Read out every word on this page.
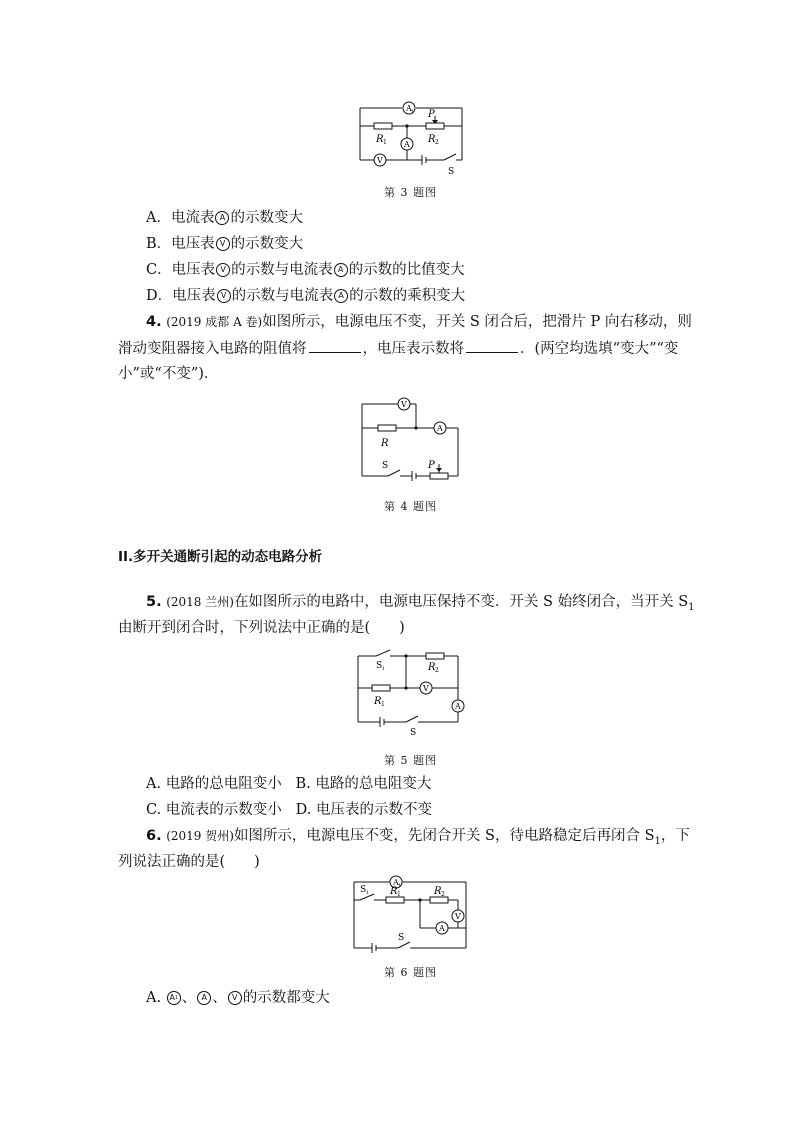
A 1 P
R 1 A R 2
V
S
第 3 题图
A．电流表 A 的示数变大
B．电压表 V 的示数变大
C．电压表 V 的示数与电流表 A 的示数的比值变大
D．电压表 V 的示数与电流表 A 的示数的乘积变大
4. (2019 成都 A 卷)如图所示，电源电压不变，开关 S 闭合后，把滑片 P 向右移动，则
滑动变阻器接入电路的阻值将	，电压表示数将	．(两空均选填“变大”“变
小”或“不变”)．
V
R
A
S	P
第 4 题图
II.多开关通断引起的动态电路分析
5. (2018 兰州)在如图所示的电路中，电源电压保持不变．开关 S 始终闭合，当开关 $S_1$
由断开到闭合时，下列说法中正确的是(　　)
S 1	R 2
R 1
V
A
S
第 5 题图
A. 电路的总电阻变小 B. 电路的总电阻变大
C. 电流表的示数变小 D. 电压表的示数不变
6. (2019 贺州)如图所示，电源电压不变，先闭合开关 S，待电路稳定后再闭合 $S_1$，下
列说法正确的是(　　)
A 1
S 1 R 1	R 2
V
A
S
第 6 题图
A. A 1 、 A 、 V 的示数都变大
